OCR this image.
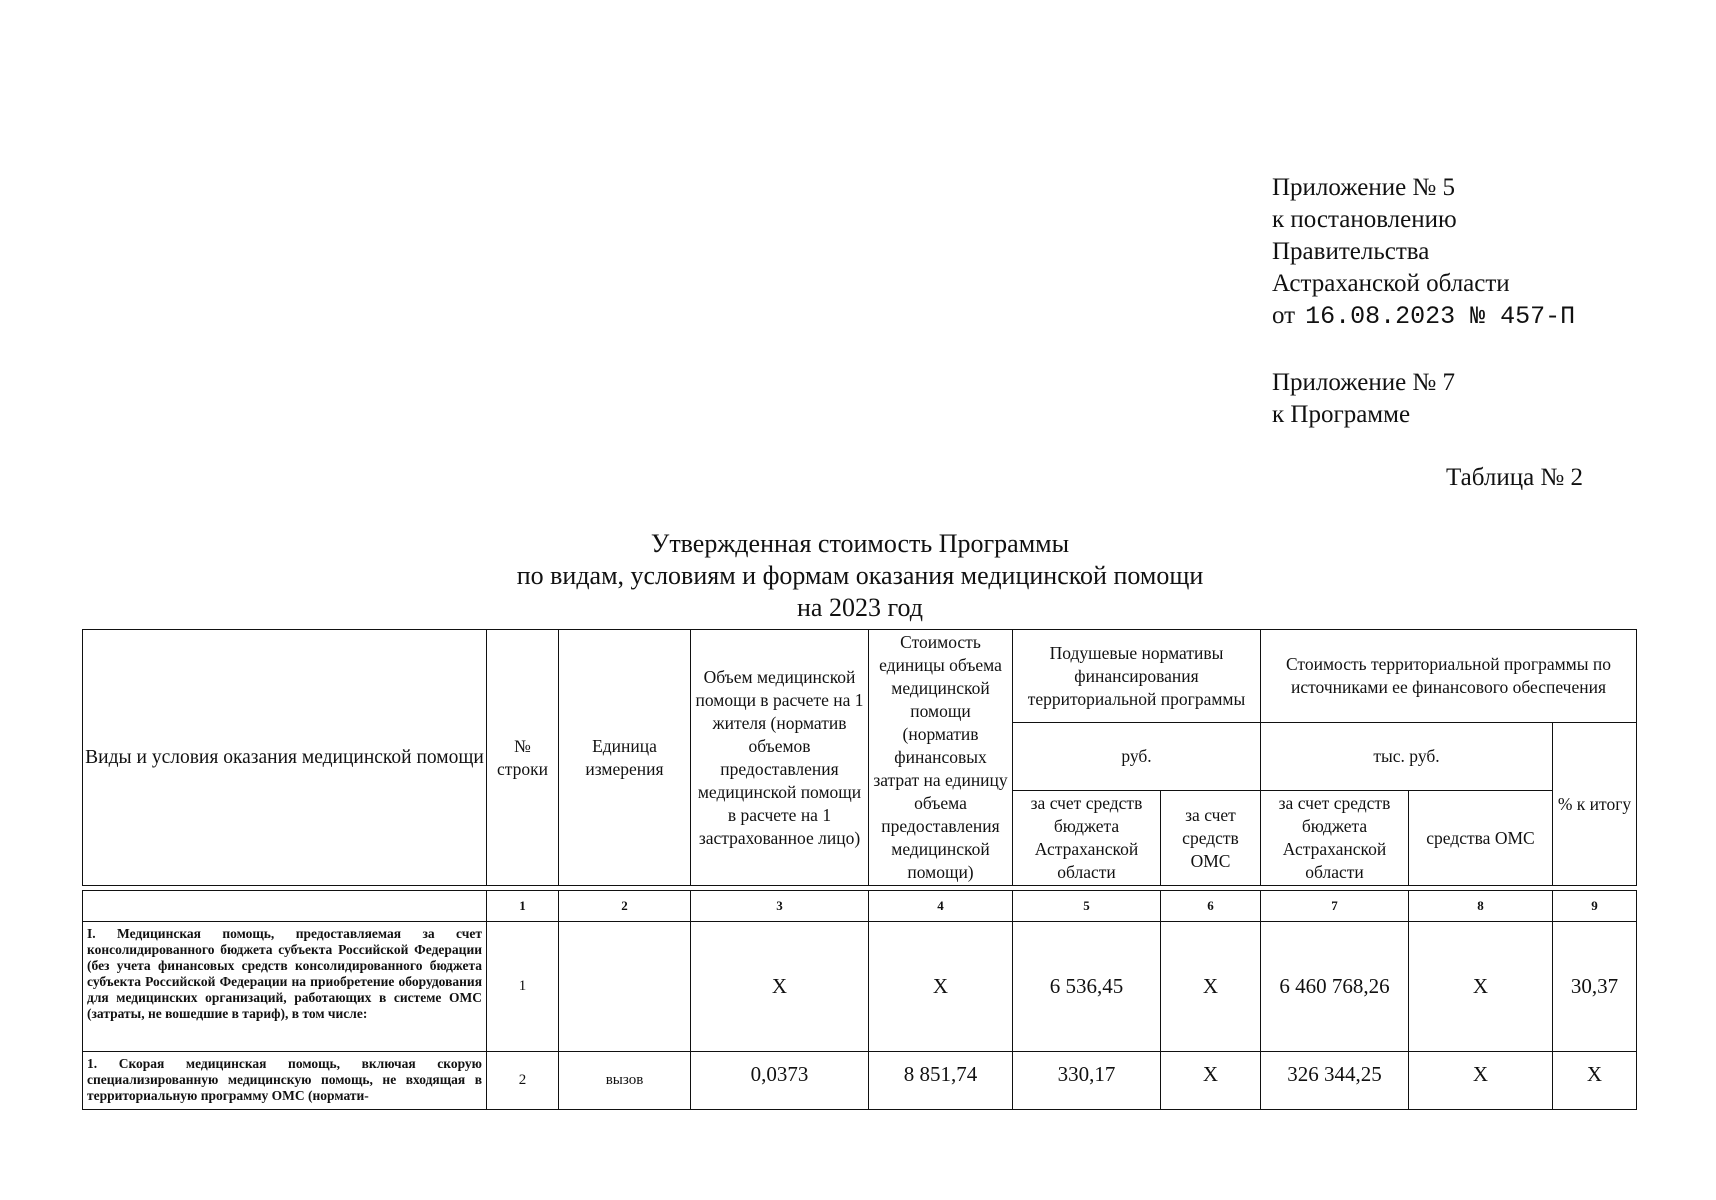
Приложение № 5
к постановлению
Правительства
Астраханской области
от 16.08.2023 № 457-П
Приложение № 7
к Программе
Таблица № 2
Утвержденная стоимость Программы
по видам, условиям и формам оказания медицинской помощи
на 2023 год
Виды и условия оказания медицинской помощи	№ строки	Единица измерения	Объем медицинской помощи в расчете на 1 жителя (норматив объемов предоставления медицинской помощи в расчете на 1 застрахованное лицо)	Стоимость единицы объема медицинской помощи (норматив финансовых затрат на единицу объема предоставления медицинской помощи)	Подушевые нормативы финансирования территориальной программы		Стоимость территориальной программы по источниками ее финансового обеспечения		
					руб.		тыс. руб.		% к итогу
					за счет средств бюджета Астраханской области	за счет средств ОМС	за счет средств бюджета Астраханской области	средства ОМС	

	1	2	3	4	5	6	7	8	9
I. Медицинская помощь, предоставляемая за счет консолидированного бюджета субъекта Российской Федерации (без учета финансовых средств консолидированного бюджета субъекта Российской Федерации на приобретение оборудования для медицинских организаций, работающих в системе ОМС (затраты, не вошедшие в тариф), в том числе:	1		X	X	6 536,45	X	6 460 768,26	X	30,37
1. Скорая медицинская помощь, включая скорую специализированную медицинскую помощь, не входящая в территориальную программу ОМС (нормати-	2	вызов	0,0373	8 851,74	330,17	X	326 344,25	X	X
